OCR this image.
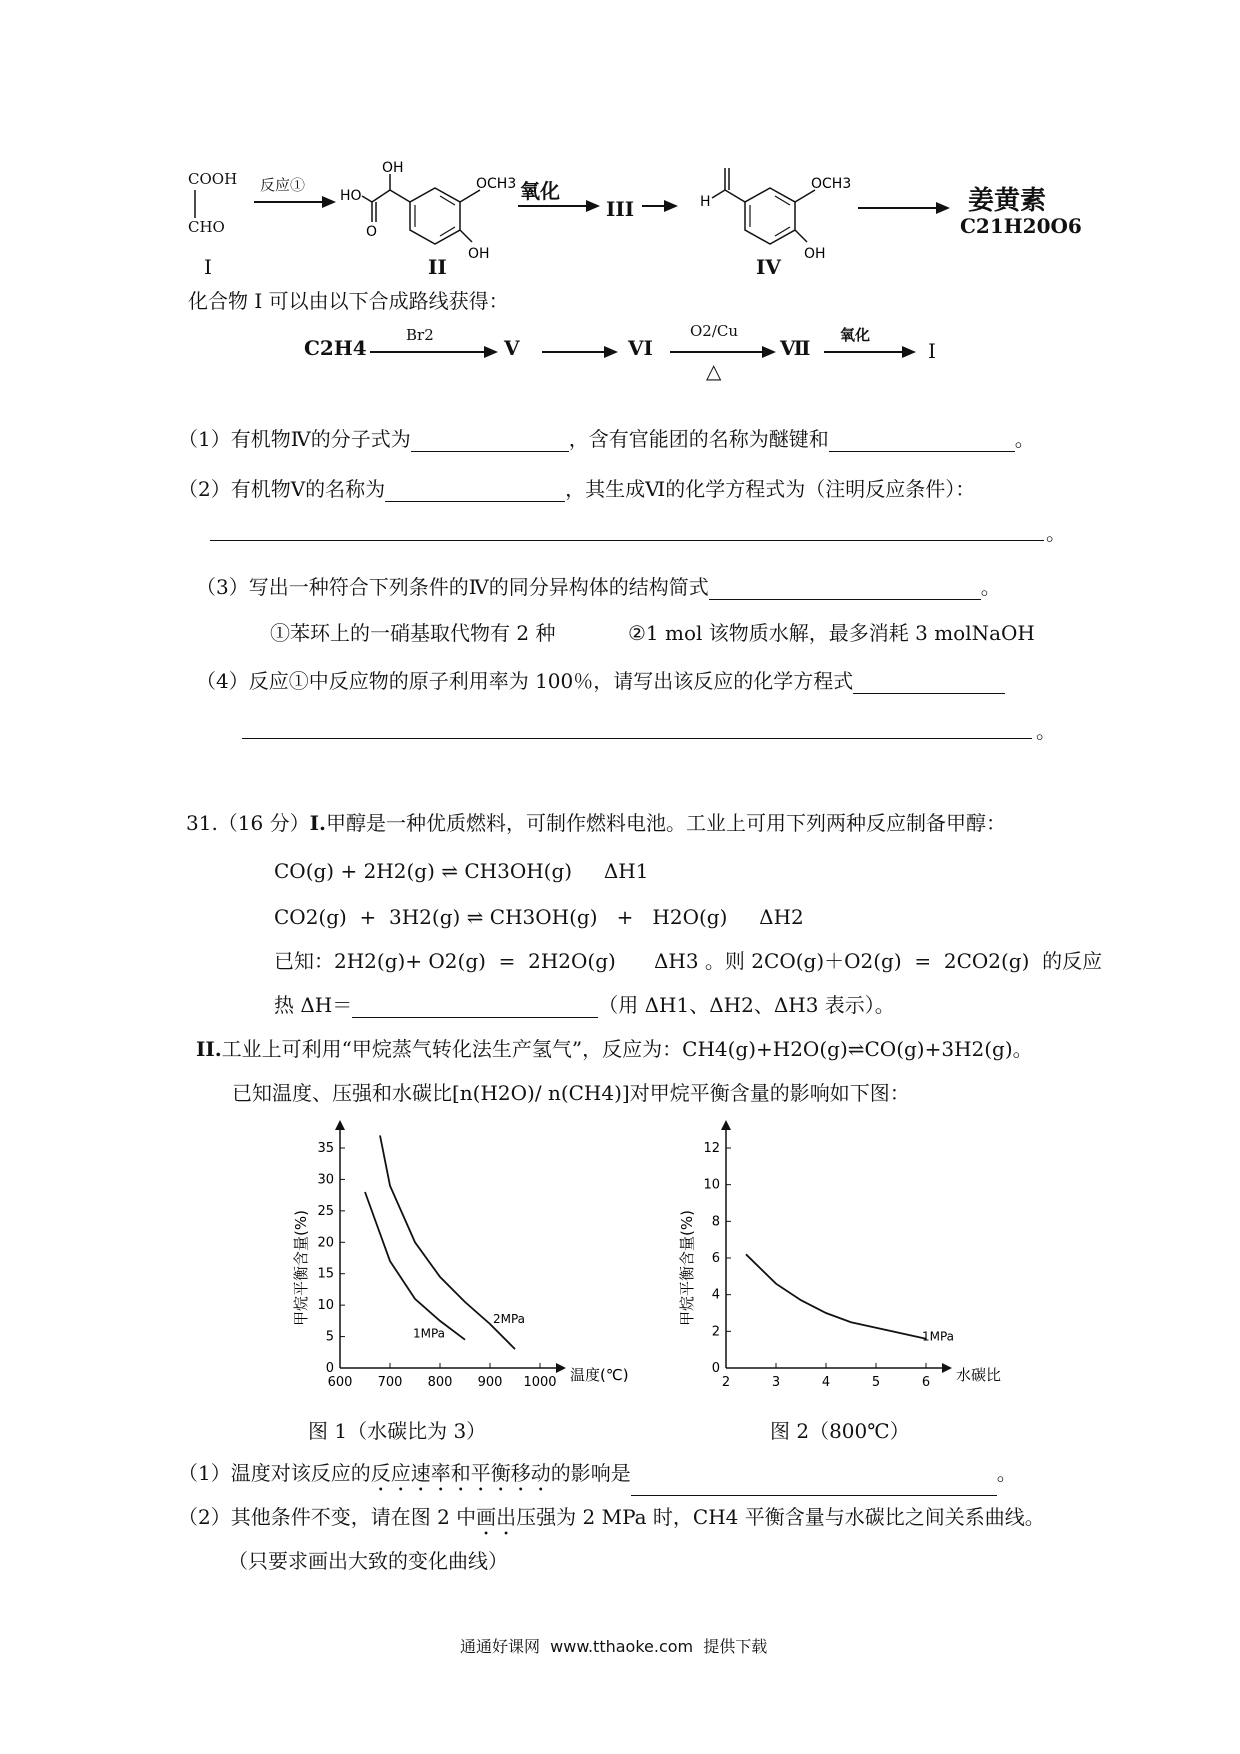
COOH
CHO
I
反应①
OH
HO
O
OCH3
OH
II
氧化
III	H
OCH3
OH
IV
姜黄素
C21H20O6
化合物 I 可以由以下合成路线获得：
C2H4
Br2
V	VI
O2/Cu
△
Ⅶ
氧化
I
（1）有机物Ⅳ的分子式为	，含有官能团的名称为醚键和	。
（2）有机物Ⅴ的名称为	，其生成Ⅵ的化学方程式为（注明反应条件）：
。
（3）写出一种符合下列条件的Ⅳ的同分异构体的结构简式	。
①苯环上的一硝基取代物有 2 种	②1 mol 该物质水解，最多消耗 3 molNaOH
（4）反应①中反应物的原子利用率为 100％，请写出该反应的化学方程式
。
31.（16 分）I.甲醇是一种优质燃料，可制作燃料电池。工业上可用下列两种反应制备甲醇：
CO(g) + 2H2(g) ⇌ CH3OH(g)     ΔH1
CO2(g)  +  3H2(g) ⇌ CH3OH(g)   +   H2O(g)     ΔH2
已知：2H2(g)+ O2(g)  =  2H2O(g)      ΔH3 。则 2CO(g)＋O2(g)  =  2CO2(g)  的反应
热 ΔH＝	（用 ΔH1、ΔH2、ΔH3 表示）。
II.工业上可利用“甲烷蒸气转化法生产氢气”，反应为：CH4(g)+H2O(g)⇌CO(g)+3H2(g)。
已知温度、压强和水碳比[n(H2O)/ n(CH4)]对甲烷平衡含量的影响如下图：
600 700 800 900 1000
0
5
10
15
20
25
30
35
温度(℃)
甲烷平衡含量(%)
1MPa
2MPa
2	3	4	5	6
0
2
4
6
8
10
12
水碳比
甲烷平衡含量(%)
1MPa
图 1（水碳比为 3）	图 2（800℃）
（1）温度对该反应的反应速率和平衡移动的影响是	。
（2）其他条件不变，请在图 2 中画出压强为 2 MPa 时，CH4 平衡含量与水碳比之间关系曲线。
（只要求画出大致的变化曲线）
通通好课网  www.tthaoke.com  提供下载
